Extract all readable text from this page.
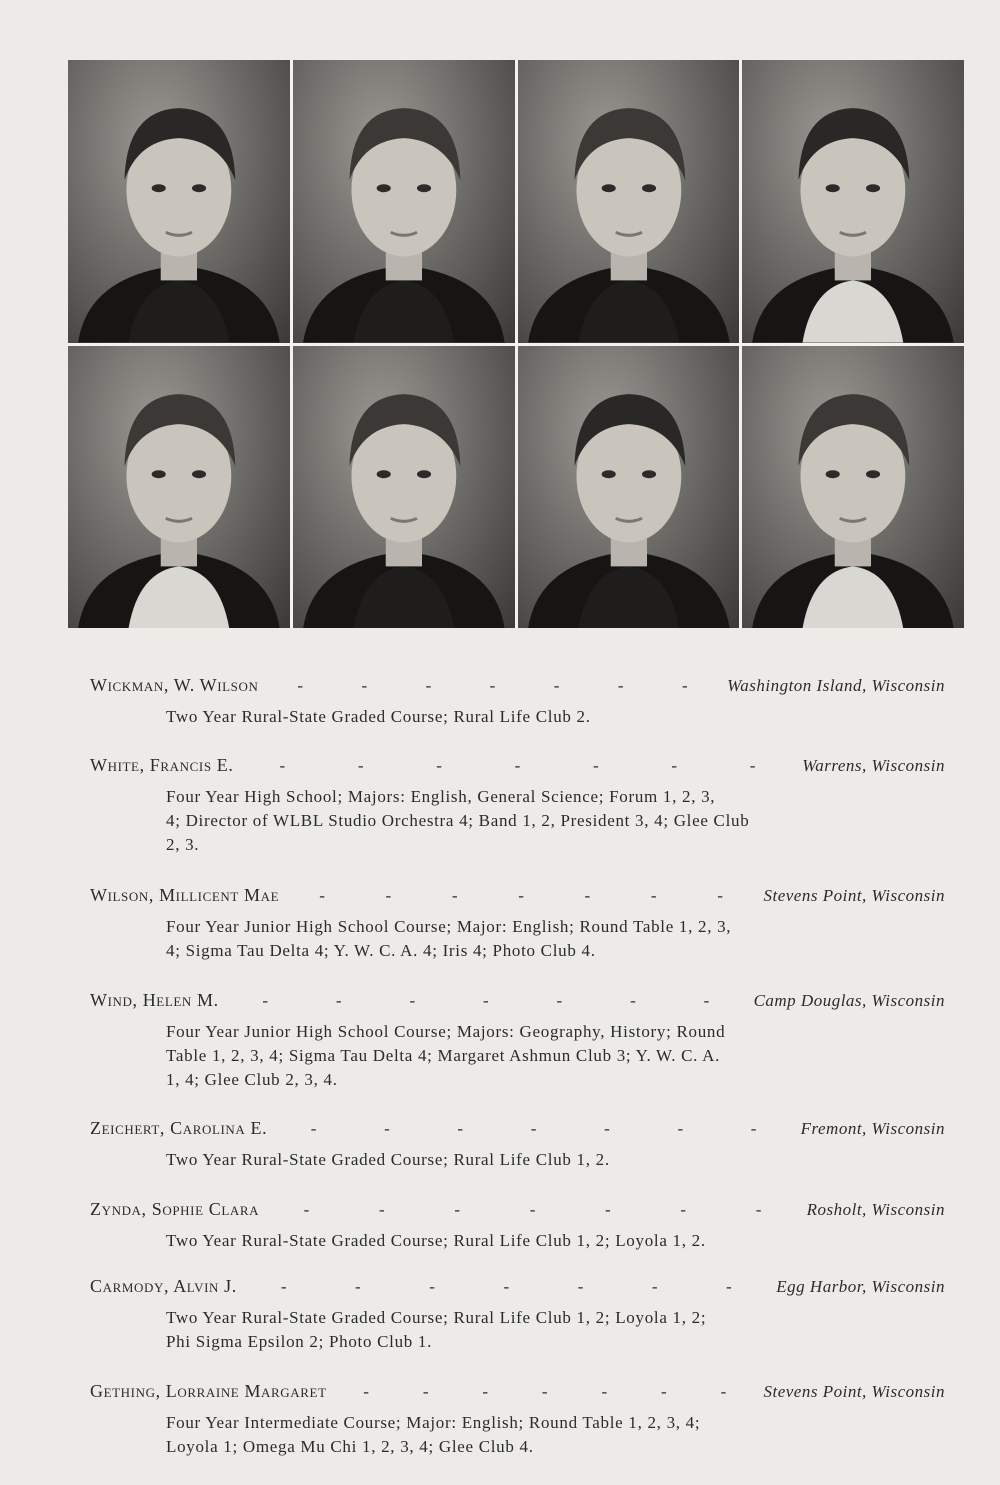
Wickman, W. Wilson -	-	-	-	-	-	- Washington Island, Wisconsin
Two Year Rural-State Graded Course; Rural Life Club 2.
White, Francis E.	-	-	-	-	-	-	-	Warrens, Wisconsin
Four Year High School; Majors: English, General Science; Forum 1, 2, 3,
4; Director of WLBL Studio Orchestra 4; Band 1, 2, President 3, 4; Glee Club
2, 3.
Wilson, Millicent Mae -	-	-	-	-	-	- Stevens Point, Wisconsin
Four Year Junior High School Course; Major: English; Round Table 1, 2, 3,
4; Sigma Tau Delta 4; Y. W. C. A. 4; Iris 4; Photo Club 4.
Wind, Helen M.	-	-	-	-	-	-	-	Camp Douglas, Wisconsin
Four Year Junior High School Course; Majors: Geography, History; Round
Table 1, 2, 3, 4; Sigma Tau Delta 4; Margaret Ashmun Club 3; Y. W. C. A.
1, 4; Glee Club 2, 3, 4.
Zeichert, Carolina E.	-	-	-	-	-	-	-	Fremont, Wisconsin
Two Year Rural-State Graded Course; Rural Life Club 1, 2.
Zynda, Sophie Clara	-	-	-	-	-	-	-	Rosholt, Wisconsin
Two Year Rural-State Graded Course; Rural Life Club 1, 2; Loyola 1, 2.
Carmody, Alvin J.	-	-	-	-	-	-	-	Egg Harbor, Wisconsin
Two Year Rural-State Graded Course; Rural Life Club 1, 2; Loyola 1, 2;
Phi Sigma Epsilon 2; Photo Club 1.
Gething, Lorraine Margaret -	-	-	-	-	-	- Stevens Point, Wisconsin
Four Year Intermediate Course; Major: English; Round Table 1, 2, 3, 4;
Loyola 1; Omega Mu Chi 1, 2, 3, 4; Glee Club 4.
